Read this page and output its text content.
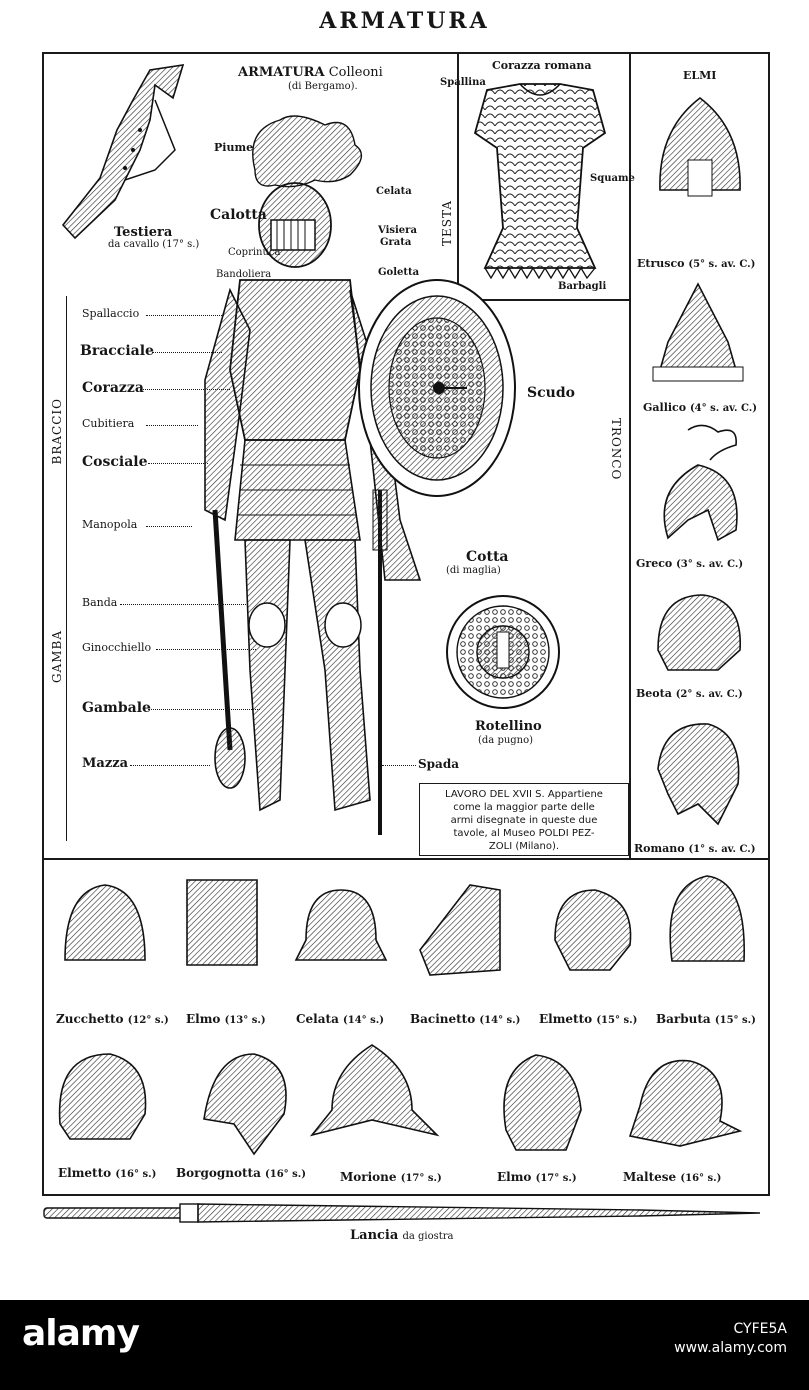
ARMATURA
Testiera
da cavallo (17° s.)
ARMATURA Colleoni
(di Bergamo).
Rotellino
(da pugno)
Corazza romana
Spallina
Squame
Barbagli
BRACCIO
GAMBA
TESTA
TRONCO
Spallaccio
Bracciale
Corazza
Cubitiera
Cosciale
Manopola
Banda
Ginocchiello
Gambale
Mazza
Piume
Calotta
Coprinuca
Bandoliera
Celata
Visiera
Grata
Goletta
Scudo
Cotta
(di maglia)
Spada
LAVORO DEL XVII S. Appartiene
come la maggior parte delle
armi disegnate in queste due
tavole, al Museo POLDI PEZ-
ZOLI (Milano).
ELMI
Etrusco (5° s. av. C.)
Gallico (4° s. av. C.)
Greco (3° s. av. C.)
Beota (2° s. av. C.)
Romano (1° s. av. C.)
Zucchetto (12° s.) Elmo (13° s.)	Celata (14° s.) Bacinetto (14° s.) Elmetto (15° s.) Barbuta (15° s.)
Elmetto (16° s.) Borgognotta (16° s.)	Morione (17° s.)	Elmo (17° s.)	Maltese (16° s.)
Lancia da giostra
alamy	CYFE5A
www.alamy.com
